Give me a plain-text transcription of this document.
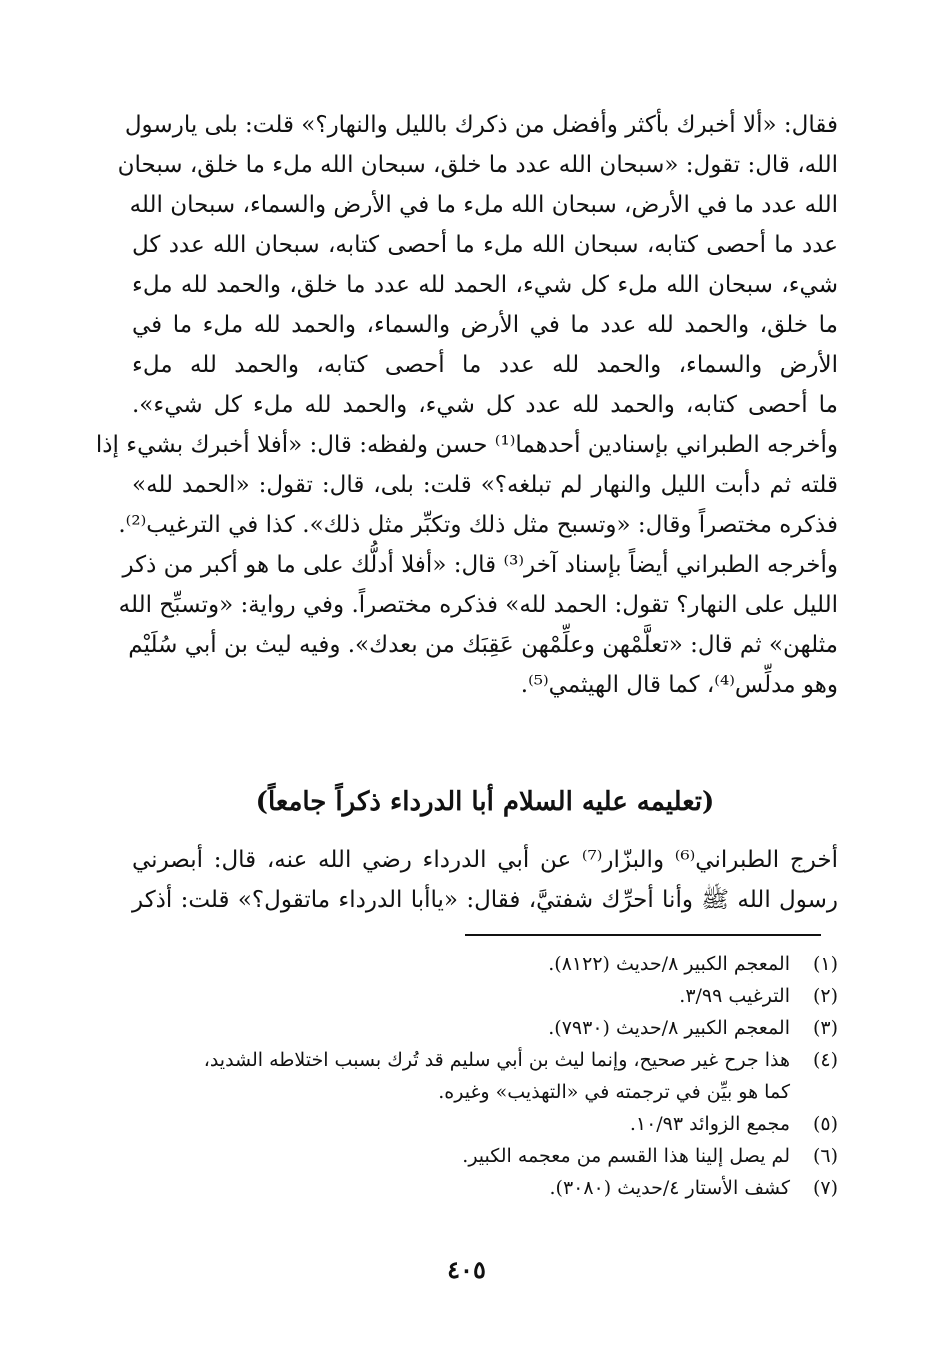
فقال: «ألا أخبرك بأكثر وأفضل من ذكرك بالليل والنهار؟» قلت: بلى يارسول
الله، قال: تقول: «سبحان الله عدد ما خلق، سبحان الله ملء ما خلق، سبحان
الله عدد ما في الأرض، سبحان الله ملء ما في الأرض والسماء، سبحان الله
عدد ما أحصى كتابه، سبحان الله ملء ما أحصى كتابه، سبحان الله عدد كل
شيء، سبحان الله ملء كل شيء، الحمد لله عدد ما خلق، والحمد لله ملء
ما خلق، والحمد لله عدد ما في الأرض والسماء، والحمد لله ملء ما في
الأرض والسماء، والحمد لله عدد ما أحصى كتابه، والحمد لله ملء
ما أحصى كتابه، والحمد لله عدد كل شيء، والحمد لله ملء كل شيء».
وأخرجه الطبراني بإسنادين أحدهما⁽¹⁾ حسن ولفظه: قال: «أفلا أخبرك بشيء إذا
قلته ثم دأبت الليل والنهار لم تبلغه؟» قلت: بلى، قال: تقول: «الحمد لله»
فذكره مختصراً وقال: «وتسبح مثل ذلك وتكبِّر مثل ذلك». كذا في الترغيب⁽²⁾.
وأخرجه الطبراني أيضاً بإسناد آخر⁽³⁾ قال: «أفلا أدلُّك على ما هو أكبر من ذكر
الليل على النهار؟ تقول: الحمد لله» فذكره مختصراً. وفي رواية: «وتسبِّح الله
مثلهن» ثم قال: «تعلَّمْهن وعلِّمْهن عَقِبَك من بعدك». وفيه ليث بن أبي سُلَيْم
وهو مدلِّس⁽⁴⁾، كما قال الهيثمي⁽⁵⁾.
(تعليمه عليه السلام أبا الدرداء ذكراً جامعاً)
أخرج الطبراني⁽⁶⁾ والبزّار⁽⁷⁾ عن أبي الدرداء رضي الله عنه، قال: أبصرني
رسول الله ﷺ وأنا أحرِّك شفتيَّ، فقال: «ياأبا الدرداء ماتقول؟» قلت: أذكر
(١)
المعجم الكبير ٨/حديث (٨١٢٢).
(٢)
الترغيب ٣/٩٩.
(٣)
المعجم الكبير ٨/حديث (٧٩٣٠).
(٤)
هذا جرح غير صحيح، وإنما ليث بن أبي سليم قد تُرك بسبب اختلاطه الشديد،
كما هو بيِّن في ترجمته في «التهذيب» وغيره.
(٥)
مجمع الزوائد ١٠/٩٣.
(٦)
لم يصل إلينا هذا القسم من معجمه الكبير.
(٧)
كشف الأستار ٤/حديث (٣٠٨٠).
٤٠٥
